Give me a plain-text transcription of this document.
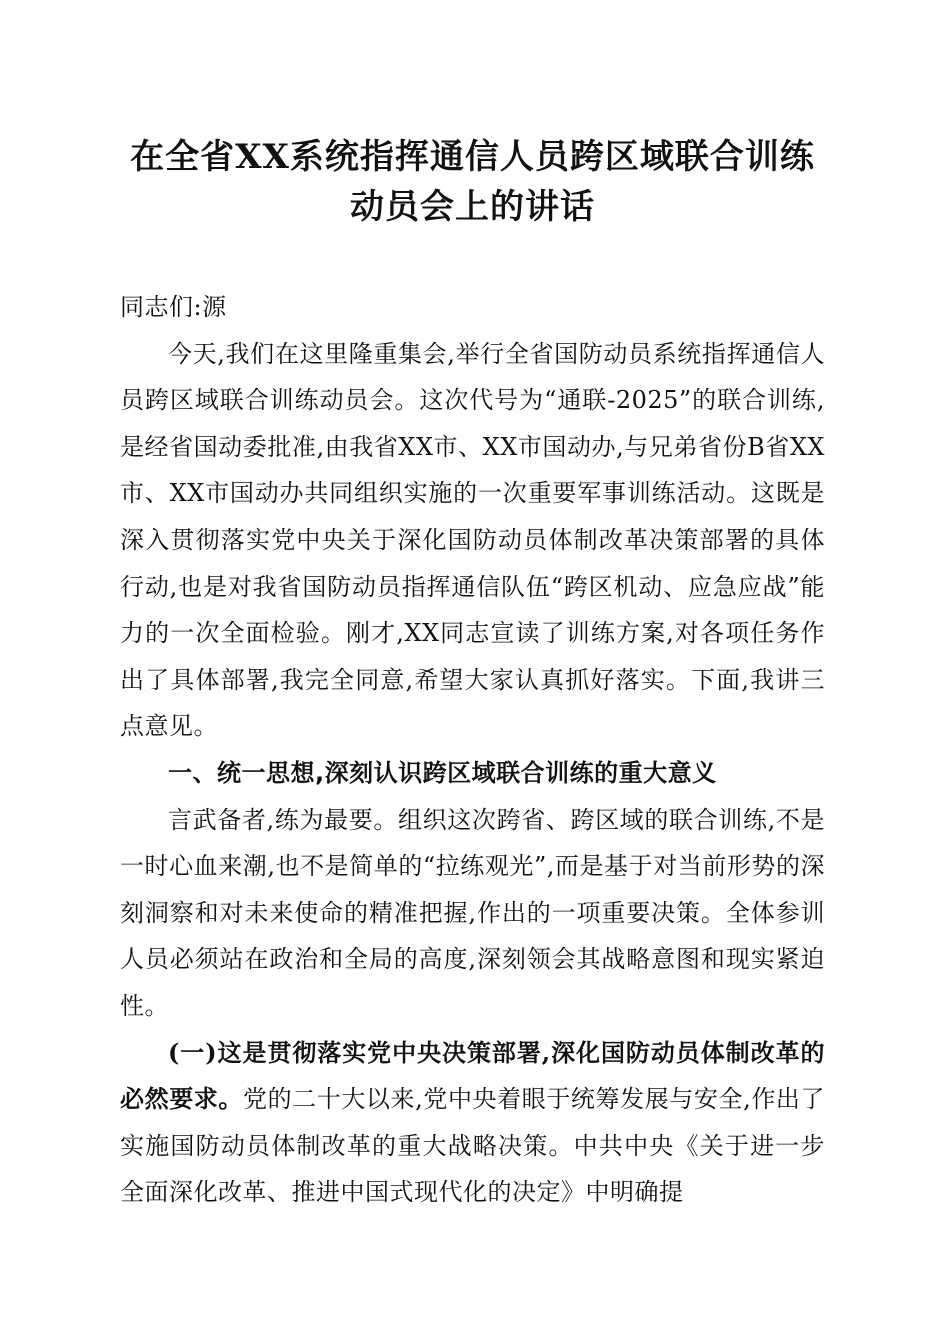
在全省XX系统指挥通信人员跨区域联合训练
动员会上的讲话

同志们:源

今天,我们在这里隆重集会,举行全省国防动员系统指挥通信人员跨区域联合训练动员会。这次代号为“通联-2025”的联合训练,是经省国动委批准,由我省XX市、XX市国动办,与兄弟省份B省XX市、XX市国动办共同组织实施的一次重要军事训练活动。这既是深入贯彻落实党中央关于深化国防动员体制改革决策部署的具体行动,也是对我省国防动员指挥通信队伍“跨区机动、应急应战”能力的一次全面检验。刚才,XX同志宣读了训练方案,对各项任务作出了具体部署,我完全同意,希望大家认真抓好落实。下面,我讲三点意见。

一、统一思想,深刻认识跨区域联合训练的重大意义

言武备者,练为最要。组织这次跨省、跨区域的联合训练,不是一时心血来潮,也不是简单的“拉练观光”,而是基于对当前形势的深刻洞察和对未来使命的精准把握,作出的一项重要决策。全体参训人员必须站在政治和全局的高度,深刻领会其战略意图和现实紧迫性。

(一)这是贯彻落实党中央决策部署,深化国防动员体制改革的必然要求。党的二十大以来,党中央着眼于统筹发展与安全,作出了实施国防动员体制改革的重大战略决策。中共中央《关于进一步全面深化改革、推进中国式现代化的决定》中明确提
